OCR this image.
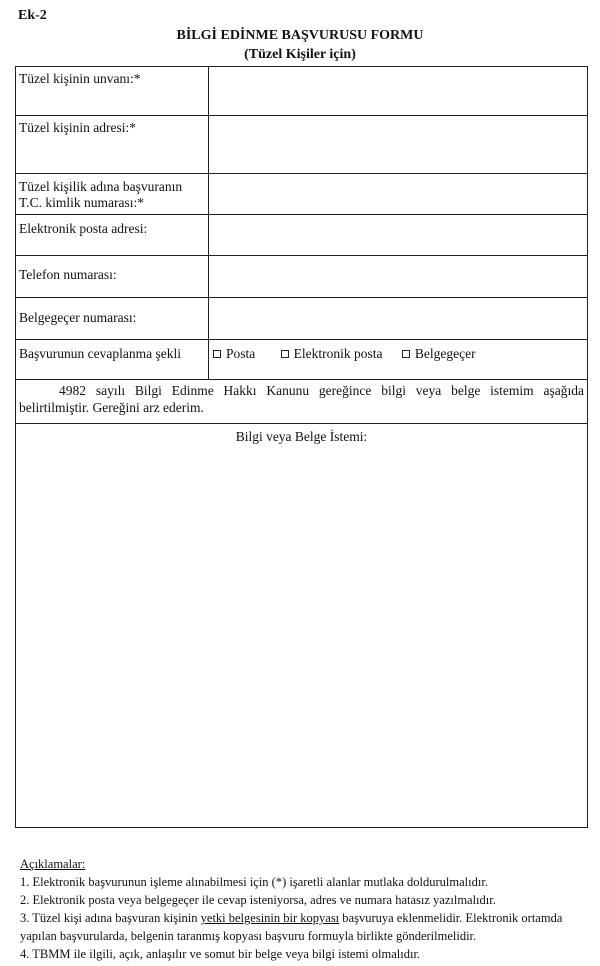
Ek-2
BİLGİ EDİNME BAŞVURUSU FORMU
(Tüzel Kişiler için)
Tüzel kişinin unvanı:*
Tüzel kişinin adresi:*
Tüzel kişilik adına başvuranın
T.C. kimlik numarası:*
Elektronik posta adresi:
Telefon numarası:
Belgegeçer numarası:
Başvurunun cevaplanma şekli	Posta
	Elektronik posta
Belgegeçer
4982 sayılı Bilgi Edinme Hakkı Kanunu gereğince bilgi veya belge istemim aşağıda belirtilmiştir. Gereğini arz ederim.
Bilgi veya Belge İstemi:
Açıklamalar:
1. Elektronik başvurunun işleme alınabilmesi için (*) işaretli alanlar mutlaka doldurulmalıdır.
2. Elektronik posta veya belgegeçer ile cevap isteniyorsa, adres ve numara hatasız yazılmalıdır.
3. Tüzel kişi adına başvuran kişinin yetki belgesinin bir kopyası başvuruya eklenmelidir. Elektronik ortamda yapılan başvurularda, belgenin taranmış kopyası başvuru formuyla birlikte gönderilmelidir.
4. TBMM ile ilgili, açık, anlaşılır ve somut bir belge veya bilgi istemi olmalıdır.
